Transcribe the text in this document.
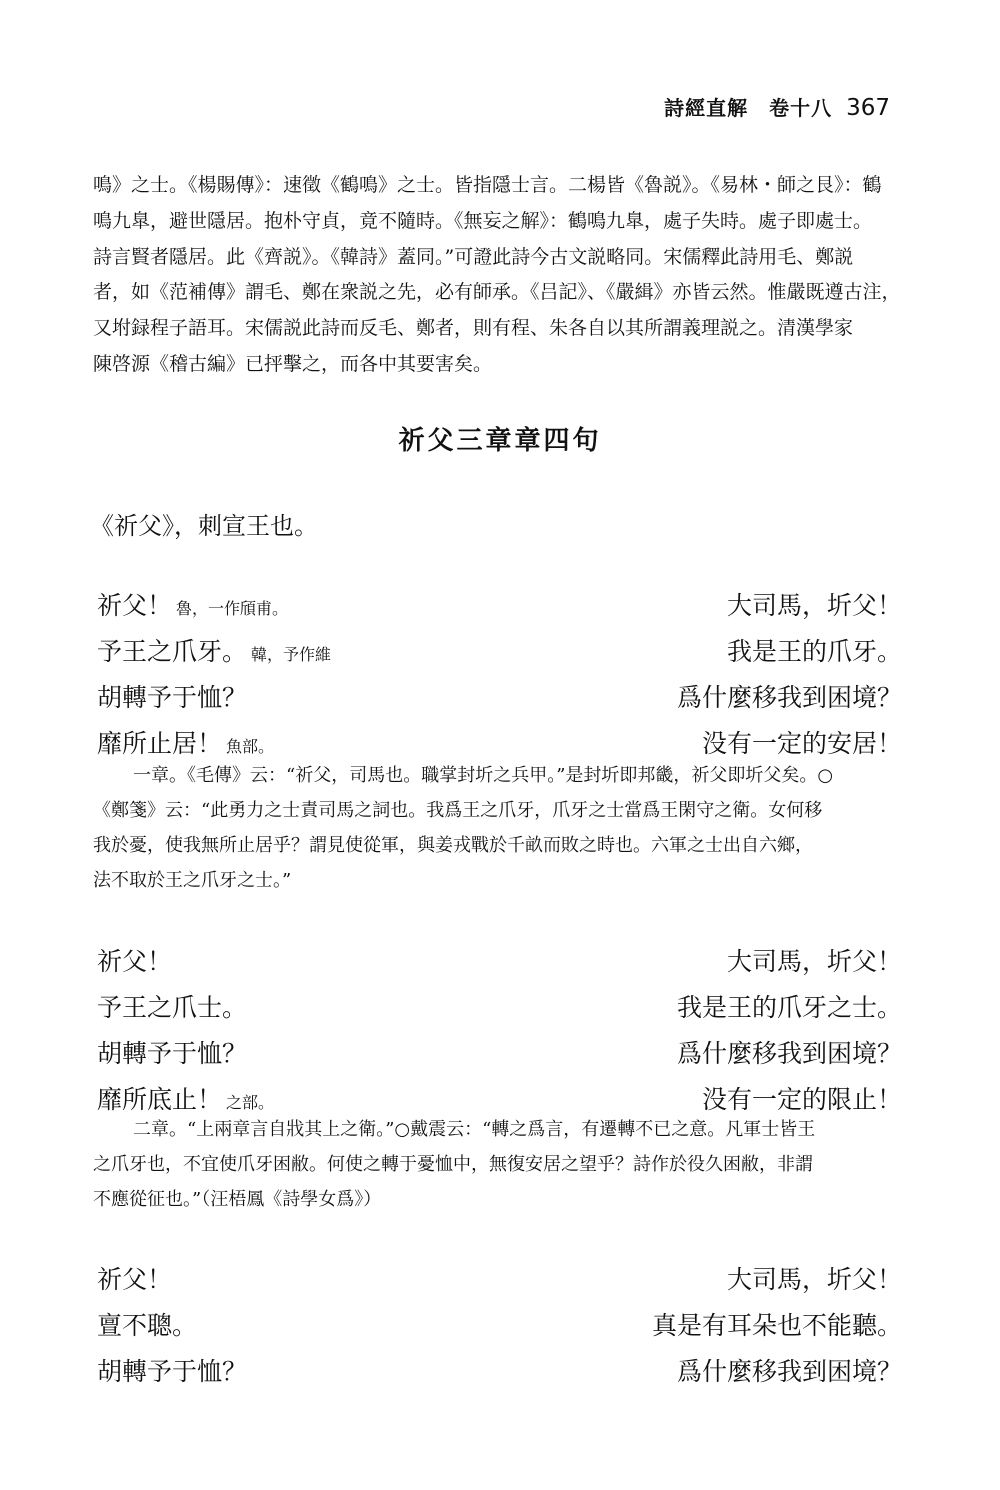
詩經直解　卷十八 367

鳴》之士。《楊賜傳》：速徵《鶴鳴》之士。皆指隱士言。二楊皆《魯説》。《易林・師之艮》：鶴

鳴九臯，避世隱居。抱朴守貞，竟不隨時。《無妄之解》：鶴鳴九臯，處子失時。處子即處士。

詩言賢者隱居。此《齊説》。《韓詩》蓋同。”可證此詩今古文説略同。宋儒釋此詩用毛、鄭説

者，如《范補傳》謂毛、鄭在衆説之先，必有師承。《吕記》、《嚴緝》亦皆云然。惟嚴既遵古注，

又坿録程子語耳。宋儒説此詩而反毛、鄭者，則有程、朱各自以其所謂義理説之。清漢學家

陳啓源《稽古編》已抨擊之，而各中其要害矣。

祈父三章章四句
《祈父》，刺宣王也。
祈父！ 魯，一作頎甫。	大司馬，圻父！
予王之爪牙。 韓，予作維	我是王的爪牙。
胡轉予于恤？	爲什麼移我到困境？
靡所止居！ 魚部。	没有一定的安居！

一章。《毛傳》云：“祈父，司馬也。職掌封圻之兵甲。”是封圻即邦畿，祈父即圻父矣。○

《鄭箋》云：“此勇力之士責司馬之詞也。我爲王之爪牙，爪牙之士當爲王閑守之衛。女何移

我於憂，使我無所止居乎？謂見使從軍，與姜戎戰於千畝而敗之時也。六軍之士出自六鄉，

法不取於王之爪牙之士。”

祈父！	大司馬，圻父！
予王之爪士。	我是王的爪牙之士。
胡轉予于恤？	爲什麼移我到困境？
靡所底止！ 之部。	没有一定的限止！

二章。“上兩章言自戕其上之衛。”○戴震云：“轉之爲言，有遷轉不已之意。凡軍士皆王

之爪牙也，不宜使爪牙困敝。何使之轉于憂恤中，無復安居之望乎？詩作於役久困敝，非謂

不應從征也。”（汪梧鳳《詩學女爲》）

祈父！	大司馬，圻父！
亶不聰。	真是有耳朵也不能聽。
胡轉予于恤？	爲什麼移我到困境？
